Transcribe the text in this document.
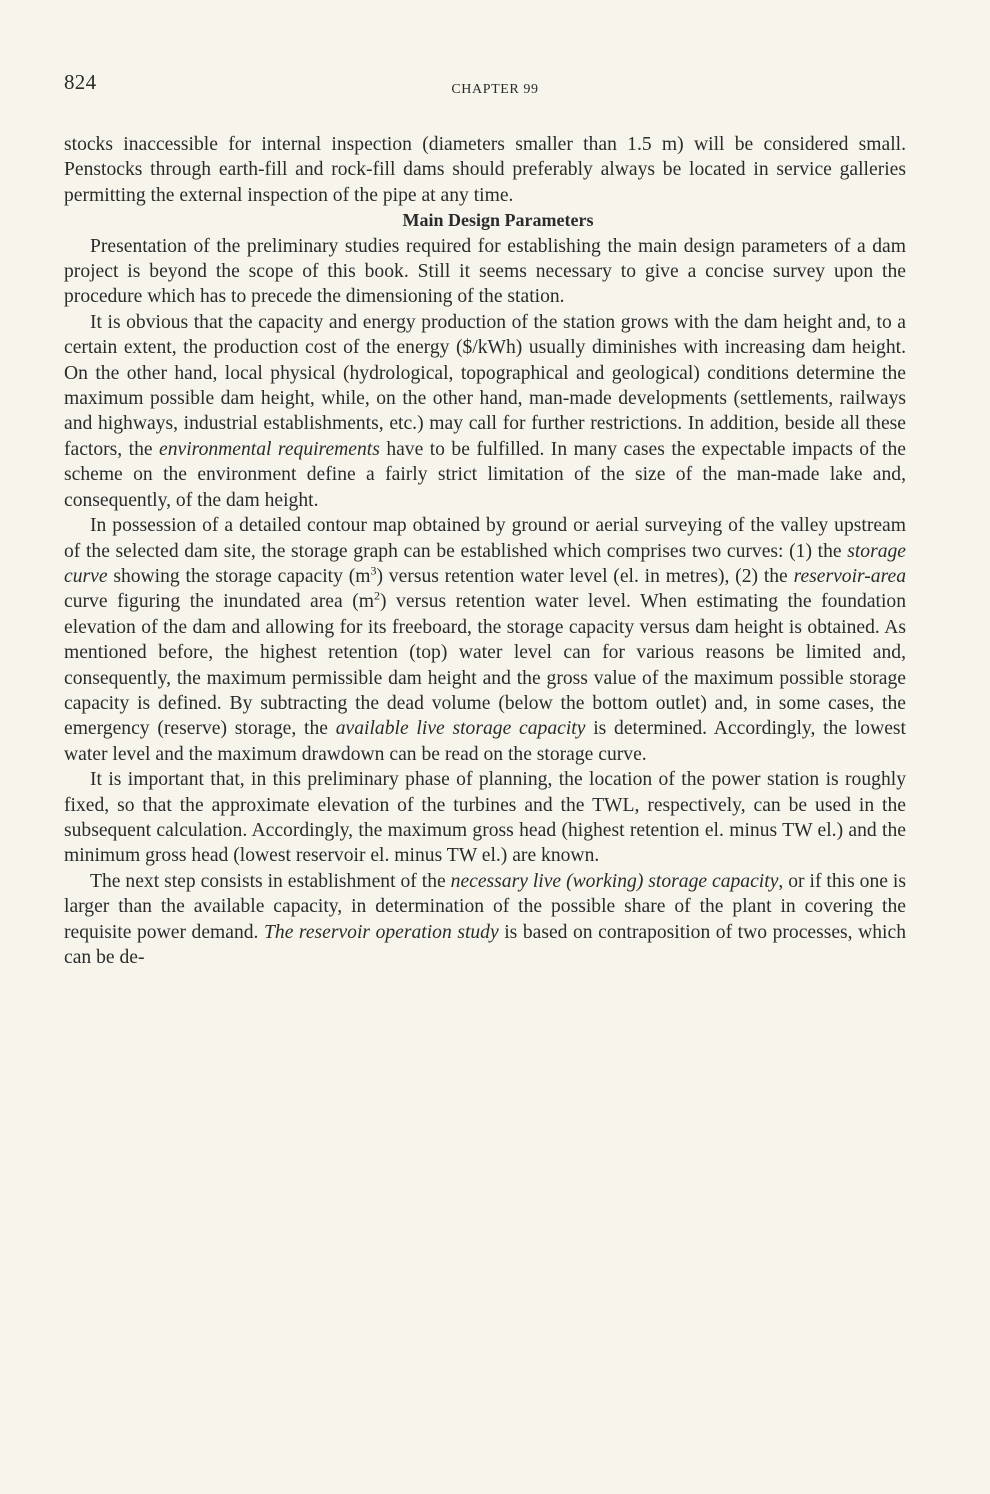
824	CHAPTER 99

stocks inaccessible for internal inspection (diameters smaller than 1.5 m) will be considered small. Penstocks through earth-fill and rock-fill dams should preferably always be located in service galleries permitting the external inspection of the pipe at any time.

Main Design Parameters

Presentation of the preliminary studies required for establishing the main design parameters of a dam project is beyond the scope of this book. Still it seems necessary to give a concise survey upon the procedure which has to precede the dimensioning of the station.

It is obvious that the capacity and energy production of the station grows with the dam height and, to a certain extent, the production cost of the energy ($/kWh) usually diminishes with increasing dam height. On the other hand, local physical (hydrological, topographical and geological) conditions determine the maximum possible dam height, while, on the other hand, man-made developments (settlements, railways and highways, industrial establishments, etc.) may call for further restrictions. In addition, beside all these factors, the environmental requirements have to be fulfilled. In many cases the expectable impacts of the scheme on the environment define a fairly strict limitation of the size of the man-made lake and, consequently, of the dam height.

In possession of a detailed contour map obtained by ground or aerial surveying of the valley upstream of the selected dam site, the storage graph can be established which comprises two curves: (1) the storage curve showing the storage capacity $(m^3)$ versus retention water level (el. in metres), (2) the reservoir-area curve figuring the inundated area $(m^2)$ versus retention water level. When estimating the foundation elevation of the dam and allowing for its freeboard, the storage capacity versus dam height is obtained. As mentioned before, the highest retention (top) water level can for various reasons be limited and, consequently, the maximum permissible dam height and the gross value of the maximum possible storage capacity is defined. By subtracting the dead volume (below the bottom outlet) and, in some cases, the emergency (reserve) storage, the available live storage capacity is determined. Accordingly, the lowest water level and the maximum drawdown can be read on the storage curve.

It is important that, in this preliminary phase of planning, the location of the power station is roughly fixed, so that the approximate elevation of the turbines and the TWL, respectively, can be used in the subsequent calculation. Accordingly, the maximum gross head (highest retention el. minus TW el.) and the minimum gross head (lowest reservoir el. minus TW el.) are known.

The next step consists in establishment of the necessary live (working) storage capacity, or if this one is larger than the available capacity, in determination of the possible share of the plant in covering the requisite power demand. The reservoir operation study is based on contraposition of two processes, which can be de-
